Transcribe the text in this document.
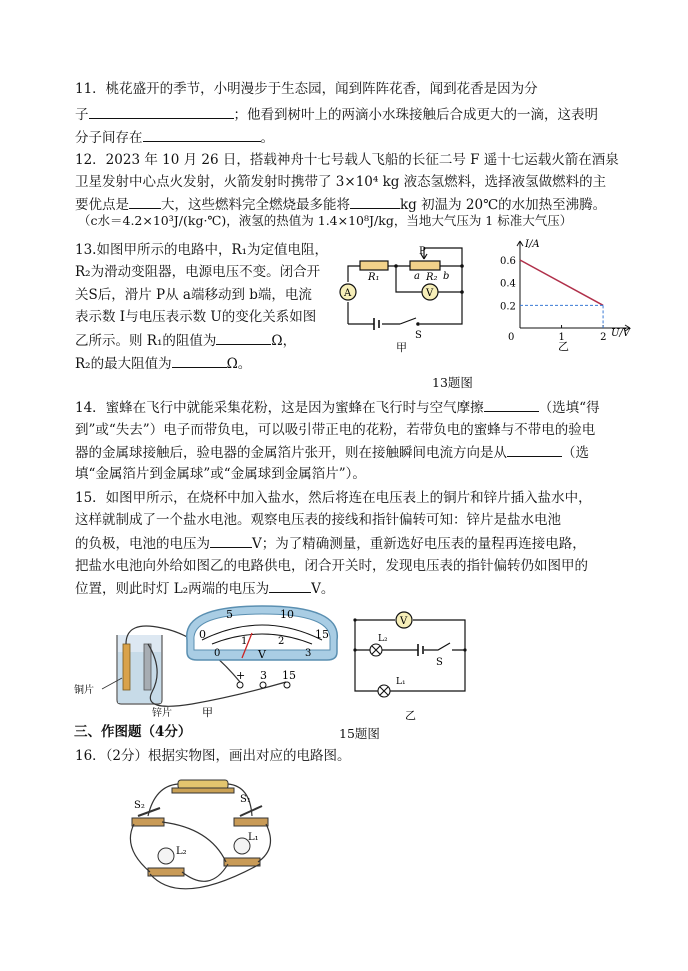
11．桃花盛开的季节，小明漫步于生态园，闻到阵阵花香，闻到花香是因为分
子	；他看到树叶上的两滴小水珠接触后合成更大的一滴，这表明
分子间存在	。
12．2023 年 10 月 26 日，搭载神舟十七号载人飞船的长征二号 F 遥十七运载火箭在酒泉
卫星发射中心点火发射，火箭发射时携带了 3×10⁴ kg 液态氢燃料，选择液氢做燃料的主
要优点是 大，这些燃料完全燃烧最多能将	kg 初温为 20℃的水加热至沸腾。
（c水＝4.2×10³J/(kg·℃)，液氢的热值为 1.4×10⁸J/kg，当地大气压为 1 标准大气压）
13.如图甲所示的电路中，R₁为定值电阻，
R₂为滑动变阻器，电源电压不变。闭合开
关S后，滑片 P从 a端移动到 b端，电流
表示数 I与电压表示数 U的变化关系如图
乙所示。则 R₁的阻值为	Ω，
R₂的最大阻值为	Ω。
A	V
P
R₁	R₂
a b
S
甲
0	1	2
0.2
0.4
0.6
I/A
U/V
乙
13题图
14．蜜蜂在飞行中就能采集花粉，这是因为蜜蜂在飞行时与空气摩擦	（选填“得
到”或“失去”）电子而带负电，可以吸引带正电的花粉，若带负电的蜜蜂与不带电的验电
器的金属球接触后，验电器的金属箔片张开，则在接触瞬间电流方向是从	（选
填“金属箔片到金属球”或“金属球到金属箔片”）。
15．如图甲所示，在烧杯中加入盐水，然后将连在电压表上的铜片和锌片插入盐水中，
这样就制成了一个盐水电池。观察电压表的接线和指针偏转可知：锌片是盐水电池
的负极，电池的电压为	V；为了精确测量，重新选好电压表的量程再连接电路，
把盐水电池向外给如图乙的电路供电，闭合开关时，发现电压表的指针偏转仍如图甲的
位置，则此时灯 L₂两端的电压为	V。
铜片
锌片
0
5	10
15
0
1	2
3
V
+ 3 15
甲
V
L₂
L₁
S
乙
三、作图题（4分）	15题图
16．（2分）根据实物图，画出对应的电路图。
S₂
S₁
L₂
L₁
